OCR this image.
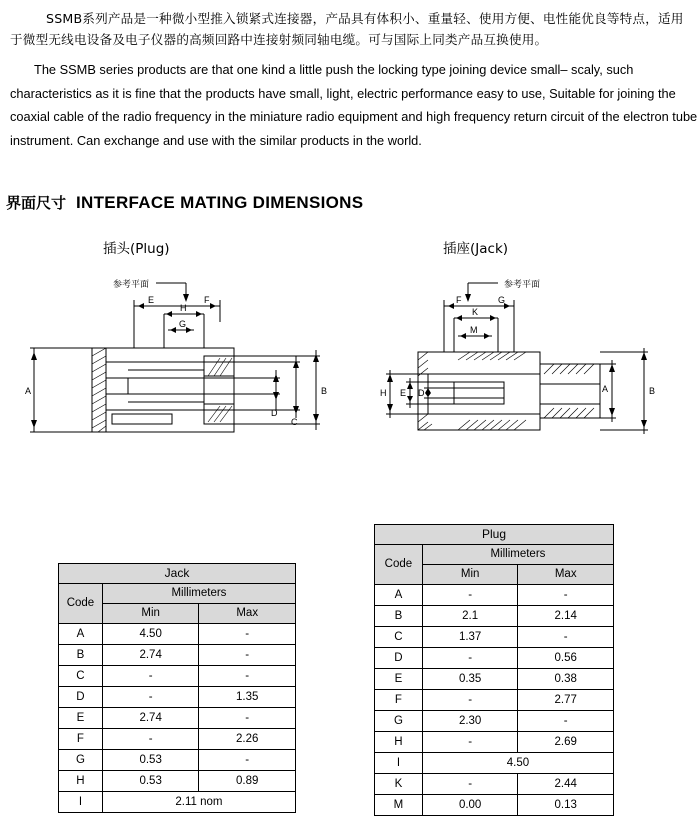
SSMB系列产品是一种微小型推入锁紧式连接器，产品具有体积小、重量轻、使用方便、电性能优良等特点，适用于微型无线电设备及电子仪器的高频回路中连接射频同轴电缆。可与国际上同类产品互换使用。
The SSMB series products are that one kind a little push the locking type joining device small– scaly, such characteristics as it is fine that the products have small, light, electric performance easy to use, Suitable for joining the coaxial cable of the radio frequency in the miniature radio equipment and high frequency return circuit of the electron tube instrument. Can exchange and use with the similar products in the world.
界面尺寸 INTERFACE MATING DIMENSIONS
插头(Plug)	插座(Jack)
参考平面
E	F
H
G
A
D
C
B
参考平面
F	G
K
M
H E D	A	B
Jack		
Code	Millimeters	
	Min	Max
A	4.50	-
B	2.74	-
C	-	-
D	-	1.35
E	2.74	-
F	-	2.26
G	0.53	-
H	0.53	0.89
I	2.11 nom	
Plug		
Code	Millimeters	
	Min	Max
A	-	-
B	2.1	2.14
C	1.37	-
D	-	0.56
E	0.35	0.38
F	-	2.77
G	2.30	-
H	-	2.69
I	4.50	
K	-	2.44
M	0.00	0.13
